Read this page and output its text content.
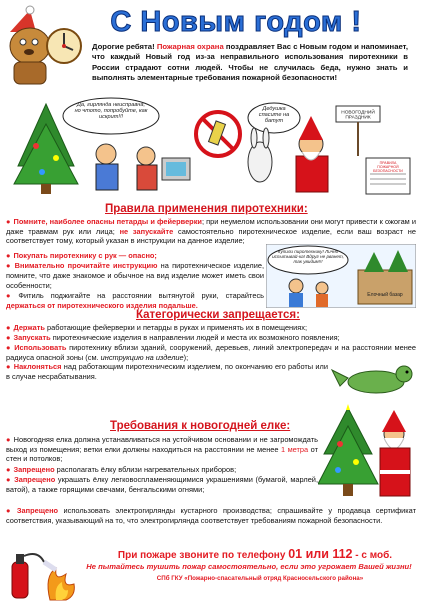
С Новым годом !
Дорогие ребята! Пожарная охрана поздравляет Вас с Новым годом и напоминает, что каждый Новый год из-за неправильного использования пиротехники в России страдают сотни людей. Чтобы не случилась беда, нужно знать и выполнять элементарные требования пожарной безопасности!
Да, гирлянда неисправна, но чтото, попробуйте, как искрит!!!
Дедушка спасите на батут
НОВОГОДНИЙ ПРАЗДНИК
ПРАВИЛА ПОЖАРНОЙ БЕЗОПАСНОСТИ
Правила применения пиротехники:

● Помните, наиболее опасны петарды и фейерверки; при неумелом использовании они могут привести к ожогам и даже травмам рук или лица; не запускайте самостоятельно пиротехническое изделие, если ваш возраст не соответствует тому, который указан в инструкции на данное изделие;

● Покупать пиротехнику с рук — опасно;

● Внимательно прочитайте инструкцию на пиротехническое изделие, помните, что даже знакомое и обычное на вид изделие может иметь свои особенности;

● Фитиль поджигайте на расстоянии вытянутой руки, старайтесь держаться от пиротехнического изделия подальше.

Купили пиротехнику! Лично испытывай-ка! Вдруг не рванет, так увидим!!!
Елочный базар
Категорически запрещается:

● Держать работающие фейерверки и петарды в руках и применять их в помещениях;

● Запускать пиротехнические изделия в направлении людей и места их возможного появления;

● Использовать пиротехнику вблизи зданий, сооружений, деревьев, линий электропередач и на расстоянии менее радиуса опасной зоны (см. инструкцию на изделие);

● Наклоняться над работающим пиротехническим изделием, по окончанию его работы или в случае несрабатывания.

Требования к новогодней елке:

● Новогодняя елка должна устанавливаться на устойчивом основании и не загромождать выход из помещения; ветки елки должны находиться на расстоянии не менее 1 метра от стен и потолков;

● Запрещено располагать ёлку вблизи нагревательных приборов;

● Запрещено украшать ёлку легковоспламеняющимися украшениями (бумагой, марлей, ватой), а также горящими свечами, бенгальскими огнями;

● Запрещено использовать электрогирлянды кустарного производства; спрашивайте у продавца сертификат соответствия, указывающий на то, что электрогирлянда соответствует требованиям пожарной безопасности.

При пожаре звоните по телефону 01 или 112 - с моб.
Не пытайтесь тушить пожар самостоятельно, если это угрожает Вашей жизни!
СПб ГКУ «Пожарно-спасательный отряд Красносельского района»
